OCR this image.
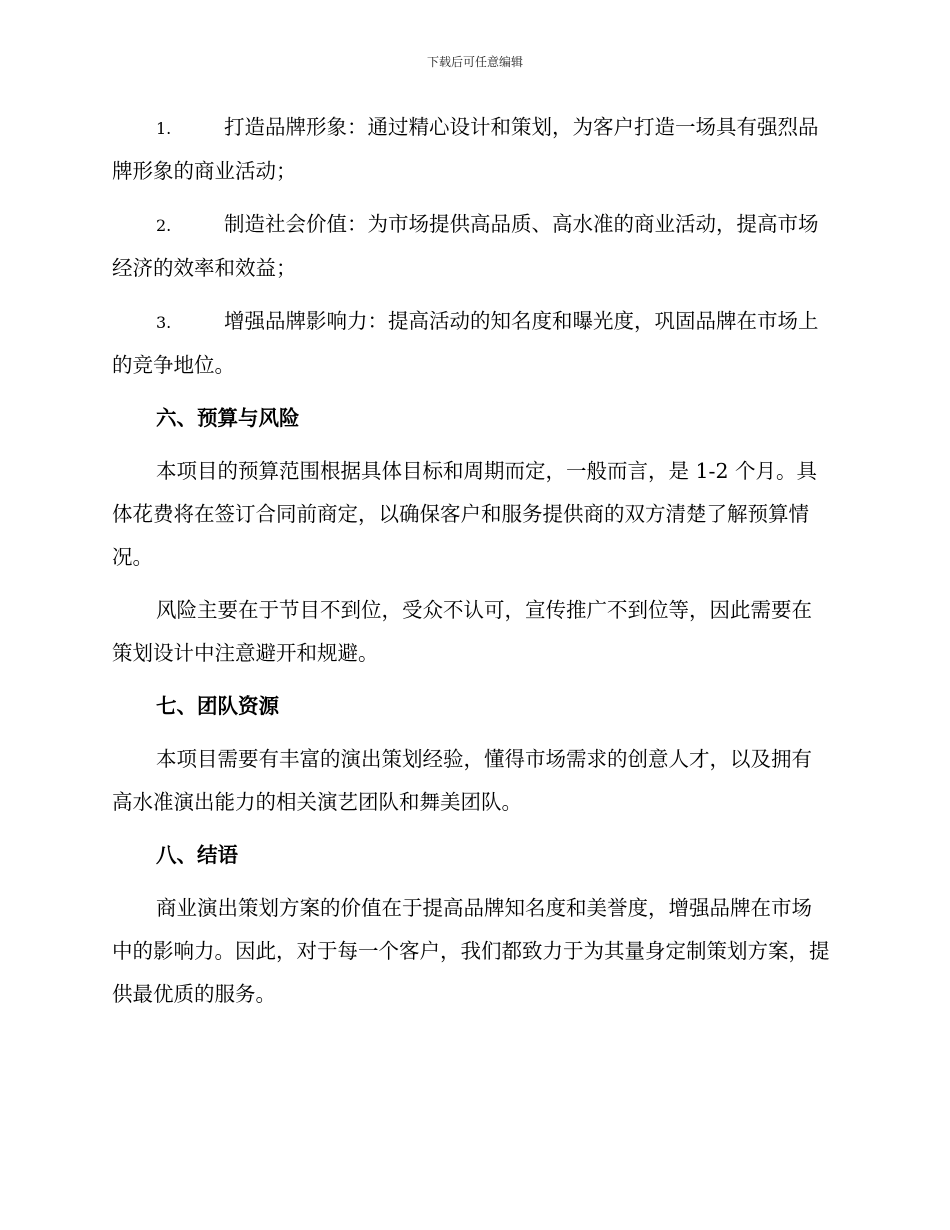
下载后可任意编辑
1.	打造品牌形象：通过精心设计和策划，为客户打造一场具有强烈品牌形象的商业活动；
2.	制造社会价值：为市场提供高品质、高水准的商业活动，提高市场经济的效率和效益；
3.	增强品牌影响力：提高活动的知名度和曝光度，巩固品牌在市场上的竞争地位。
六、预算与风险

本项目的预算范围根据具体目标和周期而定，一般而言，是 1-2 个月。具体花费将在签订合同前商定，以确保客户和服务提供商的双方清楚了解预算情况。

风险主要在于节目不到位，受众不认可，宣传推广不到位等，因此需要在策划设计中注意避开和规避。

七、团队资源

本项目需要有丰富的演出策划经验，懂得市场需求的创意人才，以及拥有高水准演出能力的相关演艺团队和舞美团队。

八、结语

商业演出策划方案的价值在于提高品牌知名度和美誉度，增强品牌在市场中的影响力。因此，对于每一个客户，我们都致力于为其量身定制策划方案，提供最优质的服务。
